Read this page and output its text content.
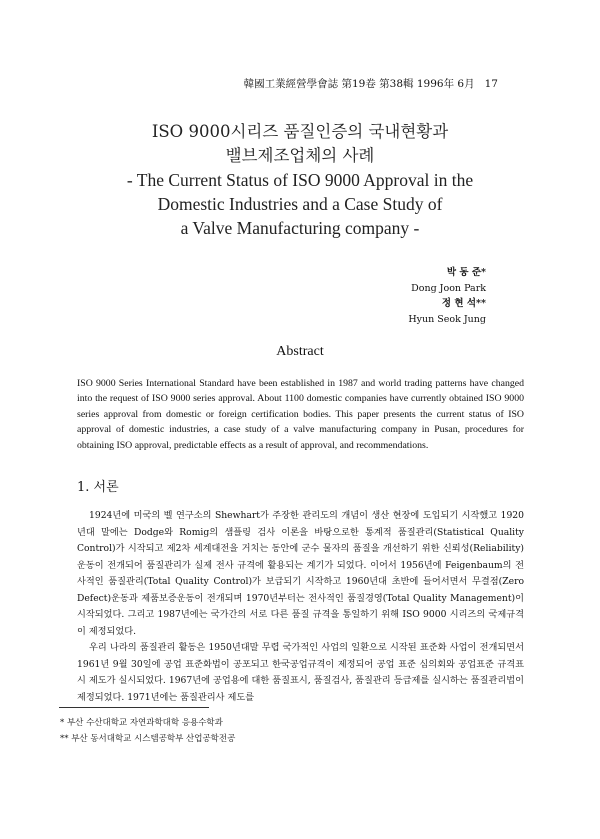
韓國工業經營學會誌 第19卷 第38輯 1996年 6月 17
ISO 9000시리즈 품질인증의 국내현황과
밸브제조업체의 사례
- The Current Status of ISO 9000 Approval in the
Domestic Industries and a Case Study of
a Valve Manufacturing company -
박 동 준*
Dong Joon Park
정 현 석**
Hyun Seok Jung
Abstract
ISO 9000 Series International Standard have been established in 1987 and world trading patterns have changed into the request of ISO 9000 series approval. About 1100 domestic companies have currently obtained ISO 9000 series approval from domestic or foreign certification bodies. This paper presents the current status of ISO approval of domestic industries, a case study of a valve manufacturing company in Pusan, procedures for obtaining ISO approval, predictable effects as a result of approval, and recommendations.
1. 서론

1924년에 미국의 벨 연구소의 Shewhart가 주장한 관리도의 개념이 생산 현장에 도입되기 시작했고 1920년대 말에는 Dodge와 Romig의 샘플링 검사 이론을 바탕으로한 통계적 품질관리(Statistical Quality Control)가 시작되고 제2차 세계대전을 거치는 동안에 군수 물자의 품질을 개선하기 위한 신뢰성(Reliability)운동이 전개되어 품질관리가 실제 전사 규격에 활용되는 계기가 되었다. 이어서 1956년에 Feigenbaum의 전사적인 품질관리(Total Quality Control)가 보급되기 시작하고 1960년대 초반에 들어서면서 무결점(Zero Defect)운동과 제품보증운동이 전개되며 1970년부터는 전사적인 품질경영(Total Quality Management)이 시작되었다. 그리고 1987년에는 국가간의 서로 다른 품질 규격을 통일하기 위해 ISO 9000 시리즈의 국제규격이 제정되었다.

우리 나라의 품질관리 활동은 1950년대말 무렵 국가적인 사업의 일환으로 시작된 표준화 사업이 전개되면서 1961년 9월 30일에 공업 표준화법이 공포되고 한국공업규격이 제정되어 공업 표준 심의회와 공업표준 규격표시 제도가 실시되었다. 1967년에 공업용에 대한 품질표시, 품질검사, 품질관리 등급제를 실시하는 품질관리법이 제정되었다. 1971년에는 품질관리사 제도를

* 부산 수산대학교 자연과학대학 응용수학과
** 부산 동서대학교 시스템공학부 산업공학전공
